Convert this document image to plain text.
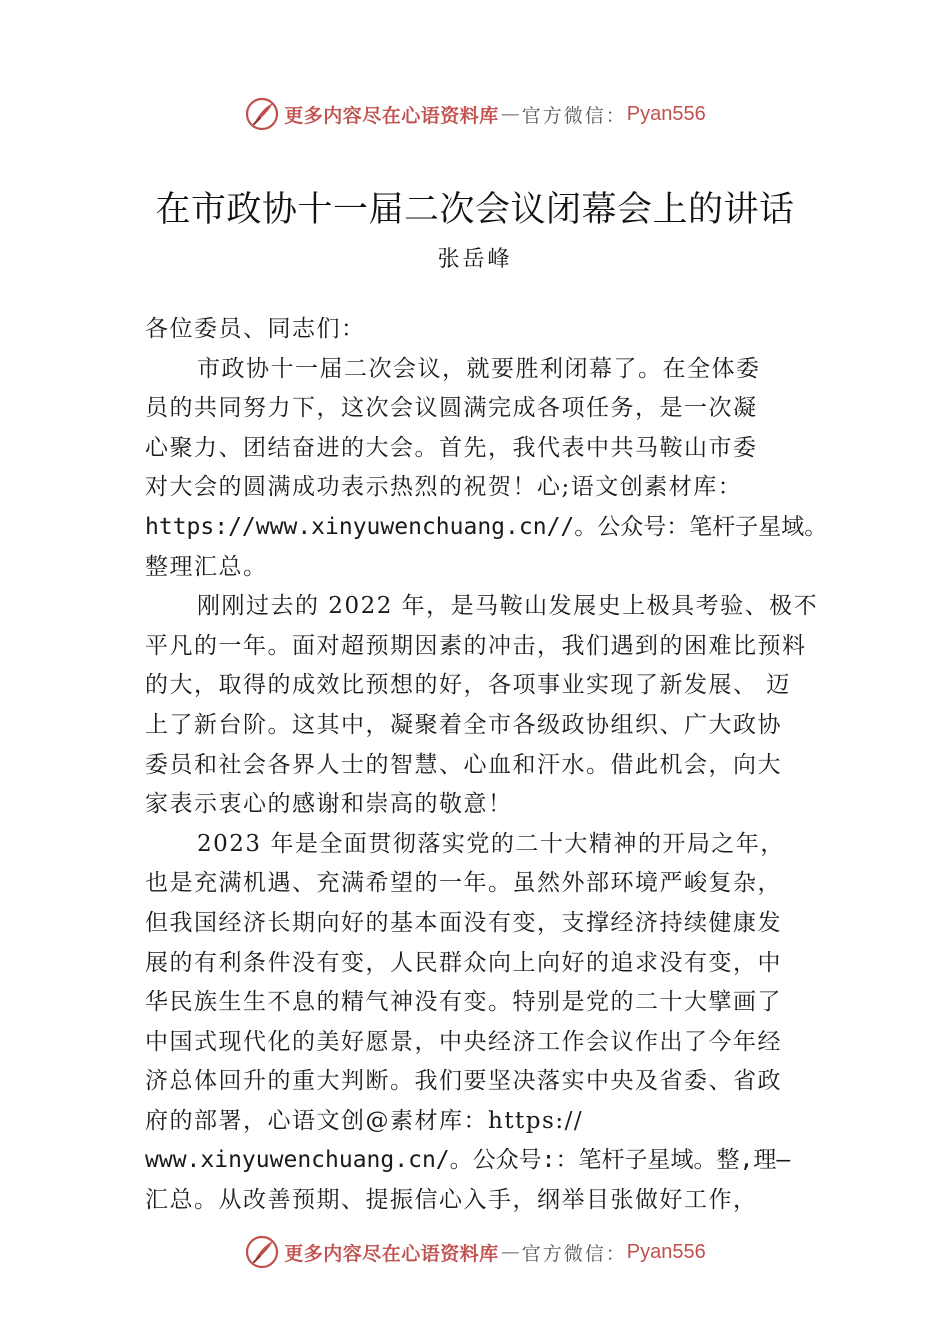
更多内容尽在心语资料库 — 官方微信： Pyan556
在市政协十一届二次会议闭幕会上的讲话
张岳峰
各位委员、同志们：
市政协十一届二次会议，就要胜利闭幕了。在全体委
员的共同努力下，这次会议圆满完成各项任务，是一次凝
心聚力、团结奋进的大会。首先，我代表中共马鞍山市委
对大会的圆满成功表示热烈的祝贺！心;语文创素材库：
https://www.xinyuwenchuang.cn//。公众号：笔杆子星域。
整理汇总。
刚刚过去的 2022 年，是马鞍山发展史上极具考验、极不
平凡的一年。面对超预期因素的冲击，我们遇到的困难比预料
的大，取得的成效比预想的好，各项事业实现了新发展、 迈
上了新台阶。这其中，凝聚着全市各级政协组织、广大政协
委员和社会各界人士的智慧、心血和汗水。借此机会，向大
家表示衷心的感谢和崇高的敬意！
2023 年是全面贯彻落实党的二十大精神的开局之年，
也是充满机遇、充满希望的一年。虽然外部环境严峻复杂，
但我国经济长期向好的基本面没有变，支撑经济持续健康发
展的有利条件没有变，人民群众向上向好的追求没有变，中
华民族生生不息的精气神没有变。特别是党的二十大擘画了
中国式现代化的美好愿景，中央经济工作会议作出了今年经
济总体回升的重大判断。我们要坚决落实中央及省委、省政
府的部署，心语文创@素材库：https://
www.xinyuwenchuang.cn/。公众号:：笔杆子星域。整,理—
汇总。从改善预期、提振信心入手，纲举目张做好工作，
更多内容尽在心语资料库 — 官方微信： Pyan556
